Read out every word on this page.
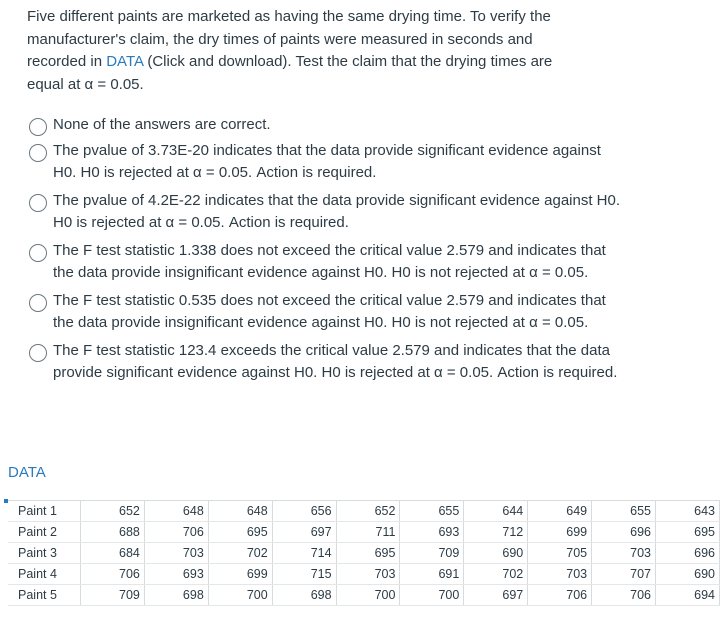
Five different paints are marketed as having the same drying time. To verify the manufacturer's claim, the dry times of paints were measured in seconds and recorded in DATA (Click and download). Test the claim that the drying times are equal at α = 0.05.
None of the answers are correct.
The pvalue of 3.73E-20 indicates that the data provide significant evidence against H0. H0 is rejected at α = 0.05. Action is required.
The pvalue of 4.2E-22 indicates that the data provide significant evidence against H0. H0 is rejected at α = 0.05. Action is required.
The F test statistic 1.338 does not exceed the critical value 2.579 and indicates that the data provide insignificant evidence against H0. H0 is not rejected at α = 0.05.
The F test statistic 0.535 does not exceed the critical value 2.579 and indicates that the data provide insignificant evidence against H0. H0 is not rejected at α = 0.05.
The F test statistic 123.4 exceeds the critical value 2.579 and indicates that the data provide significant evidence against H0. H0 is rejected at α = 0.05. Action is required.
DATA
Paint 1	652	648	648	656	652	655	644	649	655	643
Paint 2	688	706	695	697	711	693	712	699	696	695
Paint 3	684	703	702	714	695	709	690	705	703	696
Paint 4	706	693	699	715	703	691	702	703	707	690
Paint 5	709	698	700	698	700	700	697	706	706	694
